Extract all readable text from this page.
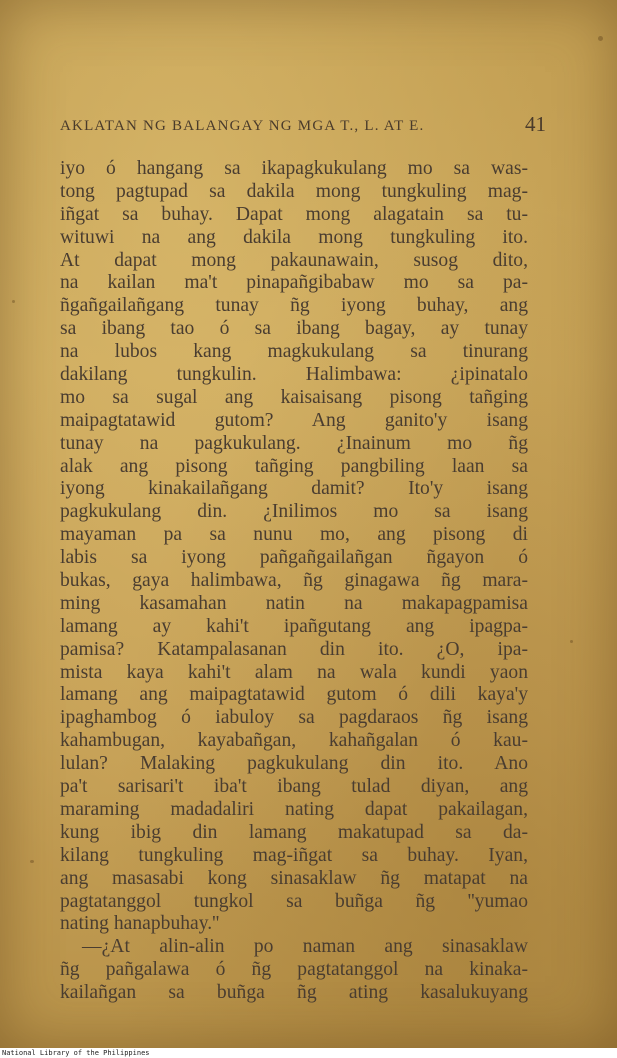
AKLATAN NG BALANGAY NG MGA T., L. AT E.	41
iyo ó hangang sa ikapagkukulang mo sa was-
tong pagtupad sa dakila mong tungkuling mag-
iñgat sa buhay. Dapat mong alagatain sa tu-
wituwi na ang dakila mong tungkuling ito.
At dapat mong pakaunawain, susog dito,
na kailan ma't pinapañgibabaw mo sa pa-
ñgañgailañgang tunay ñg iyong buhay, ang
sa ibang tao ó sa ibang bagay, ay tunay
na lubos kang magkukulang sa tinurang
dakilang tungkulin. Halimbawa: ¿ipinatalo
mo sa sugal ang kaisaisang pisong tañging
maipagtatawid gutom? Ang ganito'y isang
tunay na pagkukulang. ¿Inainum mo ñg
alak ang pisong tañging pangbiling laan sa
iyong kinakailañgang damit? Ito'y isang
pagkukulang din. ¿Inilimos mo sa isang
mayaman pa sa nunu mo, ang pisong di
labis sa iyong pañgañgailañgan ñgayon ó
bukas, gaya halimbawa, ñg ginagawa ñg mara-
ming kasamahan natin na makapagpamisa
lamang ay kahi't ipañgutang ang ipagpa-
pamisa? Katampalasanan din ito. ¿O, ipa-
mista kaya kahi't alam na wala kundi yaon
lamang ang maipagtatawid gutom ó dili kaya'y
ipaghambog ó iabuloy sa pagdaraos ñg isang
kahambugan, kayabañgan, kahañgalan ó kau-
lulan? Malaking pagkukulang din ito. Ano
pa't sarisari't iba't ibang tulad diyan, ang
maraming madadaliri nating dapat pakailagan,
kung ibig din lamang makatupad sa da-
kilang tungkuling mag-iñgat sa buhay. Iyan,
ang masasabi kong sinasaklaw ñg matapat na
pagtatanggol tungkol sa buñga ñg ''yumao
nating hanapbuhay.''
—¿At alin-alin po naman ang sinasaklaw
ñg pañgalawa ó ñg pagtatanggol na kinaka-
kailañgan sa buñga ñg ating kasalukuyang
National Library of the Philippines
